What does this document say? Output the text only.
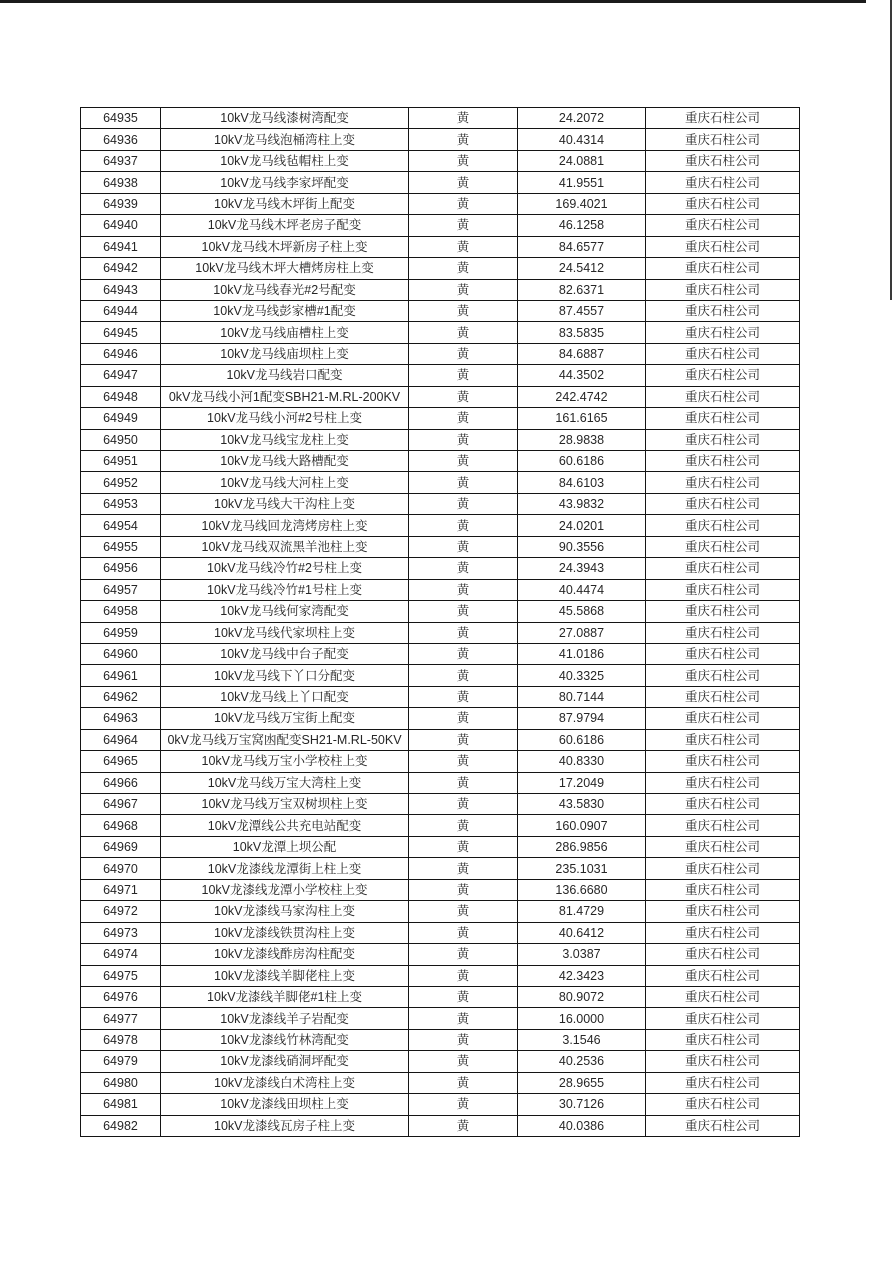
64935	10kV龙马线漆树湾配变	黄	24.2072	重庆石柱公司

64936	10kV龙马线泡桶湾柱上变	黄	40.4314	重庆石柱公司

64937	10kV龙马线毡帽柱上变	黄	24.0881	重庆石柱公司

64938	10kV龙马线李家坪配变	黄	41.9551	重庆石柱公司

64939	10kV龙马线木坪街上配变	黄	169.4021	重庆石柱公司

64940	10kV龙马线木坪老房子配变	黄	46.1258	重庆石柱公司

64941	10kV龙马线木坪新房子柱上变	黄	84.6577	重庆石柱公司

64942	10kV龙马线木坪大槽烤房柱上变	黄	24.5412	重庆石柱公司

64943	10kV龙马线春光#2号配变	黄	82.6371	重庆石柱公司

64944	10kV龙马线彭家槽#1配变	黄	87.4557	重庆石柱公司

64945	10kV龙马线庙槽柱上变	黄	83.5835	重庆石柱公司

64946	10kV龙马线庙坝柱上变	黄	84.6887	重庆石柱公司

64947	10kV龙马线岩口配变	黄	44.3502	重庆石柱公司

64948	0kV龙马线小河1配变SBH21-M.RL-200KV	黄	242.4742	重庆石柱公司

64949	10kV龙马线小河#2号柱上变	黄	161.6165	重庆石柱公司

64950	10kV龙马线宝龙柱上变	黄	28.9838	重庆石柱公司

64951	10kV龙马线大路槽配变	黄	60.6186	重庆石柱公司

64952	10kV龙马线大河柱上变	黄	84.6103	重庆石柱公司

64953	10kV龙马线大干沟柱上变	黄	43.9832	重庆石柱公司

64954	10kV龙马线回龙湾烤房柱上变	黄	24.0201	重庆石柱公司

64955	10kV龙马线双流黑羊池柱上变	黄	90.3556	重庆石柱公司

64956	10kV龙马线冷竹#2号柱上变	黄	24.3943	重庆石柱公司

64957	10kV龙马线冷竹#1号柱上变	黄	40.4474	重庆石柱公司

64958	10kV龙马线何家湾配变	黄	45.5868	重庆石柱公司

64959	10kV龙马线代家坝柱上变	黄	27.0887	重庆石柱公司

64960	10kV龙马线中台子配变	黄	41.0186	重庆石柱公司

64961	10kV龙马线下丫口分配变	黄	40.3325	重庆石柱公司

64962	10kV龙马线上丫口配变	黄	80.7144	重庆石柱公司

64963	10kV龙马线万宝街上配变	黄	87.9794	重庆石柱公司

64964	0kV龙马线万宝窝凼配变SH21-M.RL-50KV	黄	60.6186	重庆石柱公司

64965	10kV龙马线万宝小学校柱上变	黄	40.8330	重庆石柱公司

64966	10kV龙马线万宝大湾柱上变	黄	17.2049	重庆石柱公司

64967	10kV龙马线万宝双树坝柱上变	黄	43.5830	重庆石柱公司

64968	10kV龙潭线公共充电站配变	黄	160.0907	重庆石柱公司

64969	10kV龙潭上坝公配	黄	286.9856	重庆石柱公司

64970	10kV龙漆线龙潭街上柱上变	黄	235.1031	重庆石柱公司

64971	10kV龙漆线龙潭小学校柱上变	黄	136.6680	重庆石柱公司

64972	10kV龙漆线马家沟柱上变	黄	81.4729	重庆石柱公司

64973	10kV龙漆线铁贯沟柱上变	黄	40.6412	重庆石柱公司

64974	10kV龙漆线酢房沟柱配变	黄	3.0387	重庆石柱公司

64975	10kV龙漆线羊脚佬柱上变	黄	42.3423	重庆石柱公司

64976	10kV龙漆线羊脚佬#1柱上变	黄	80.9072	重庆石柱公司

64977	10kV龙漆线羊子岩配变	黄	16.0000	重庆石柱公司

64978	10kV龙漆线竹林湾配变	黄	3.1546	重庆石柱公司

64979	10kV龙漆线硝洞坪配变	黄	40.2536	重庆石柱公司

64980	10kV龙漆线白术湾柱上变	黄	28.9655	重庆石柱公司

64981	10kV龙漆线田坝柱上变	黄	30.7126	重庆石柱公司

64982	10kV龙漆线瓦房子柱上变	黄	40.0386	重庆石柱公司
